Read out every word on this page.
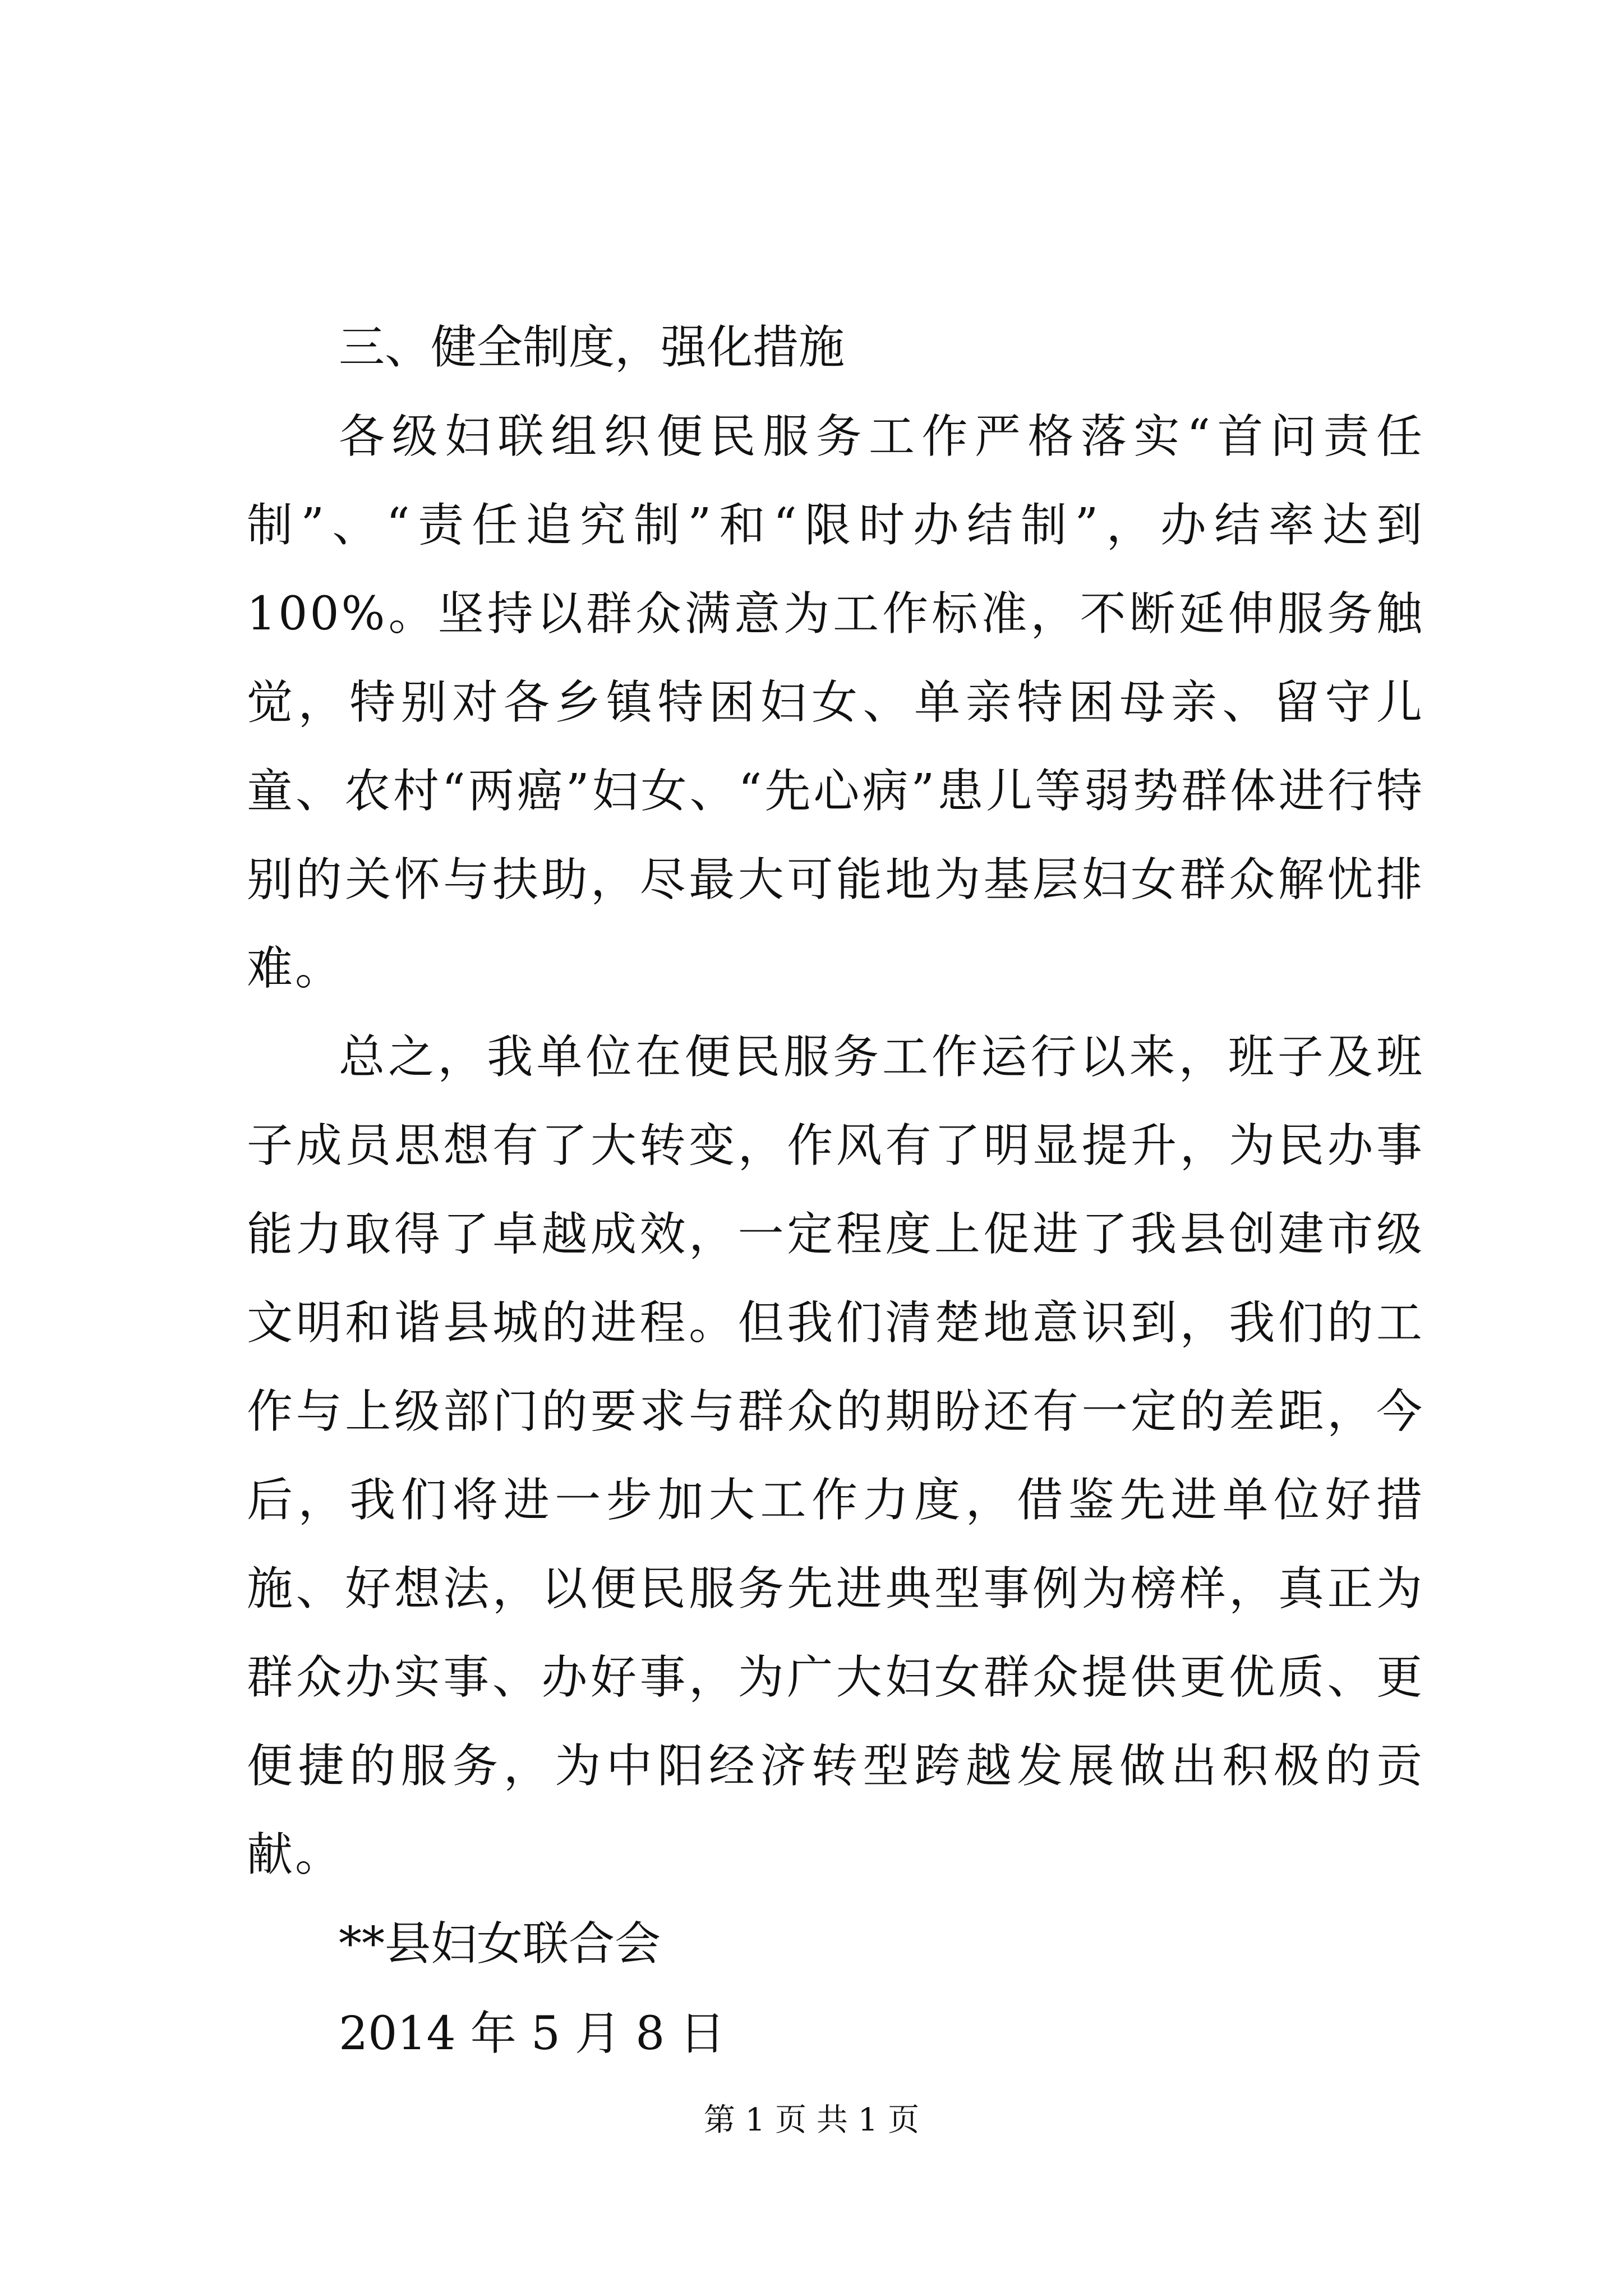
三、健全制度，强化措施

各级妇联组织便民服务工作严格落实“首问责任制”、“责任追究制”和“限时办结制”，办结率达到100%。坚持以群众满意为工作标准，不断延伸服务触觉，特别对各乡镇特困妇女、单亲特困母亲、留守儿童、农村“两癌”妇女、“先心病”患儿等弱势群体进行特别的关怀与扶助，尽最大可能地为基层妇女群众解忧排难。

总之，我单位在便民服务工作运行以来，班子及班子成员思想有了大转变，作风有了明显提升，为民办事能力取得了卓越成效，一定程度上促进了我县创建市级文明和谐县城的进程。但我们清楚地意识到，我们的工作与上级部门的要求与群众的期盼还有一定的差距，今后，我们将进一步加大工作力度，借鉴先进单位好措施、好想法，以便民服务先进典型事例为榜样，真正为群众办实事、办好事，为广大妇女群众提供更优质、更便捷的服务，为中阳经济转型跨越发展做出积极的贡献。

**县妇女联合会

2014 年 5 月 8 日

第 1 页 共 1 页
